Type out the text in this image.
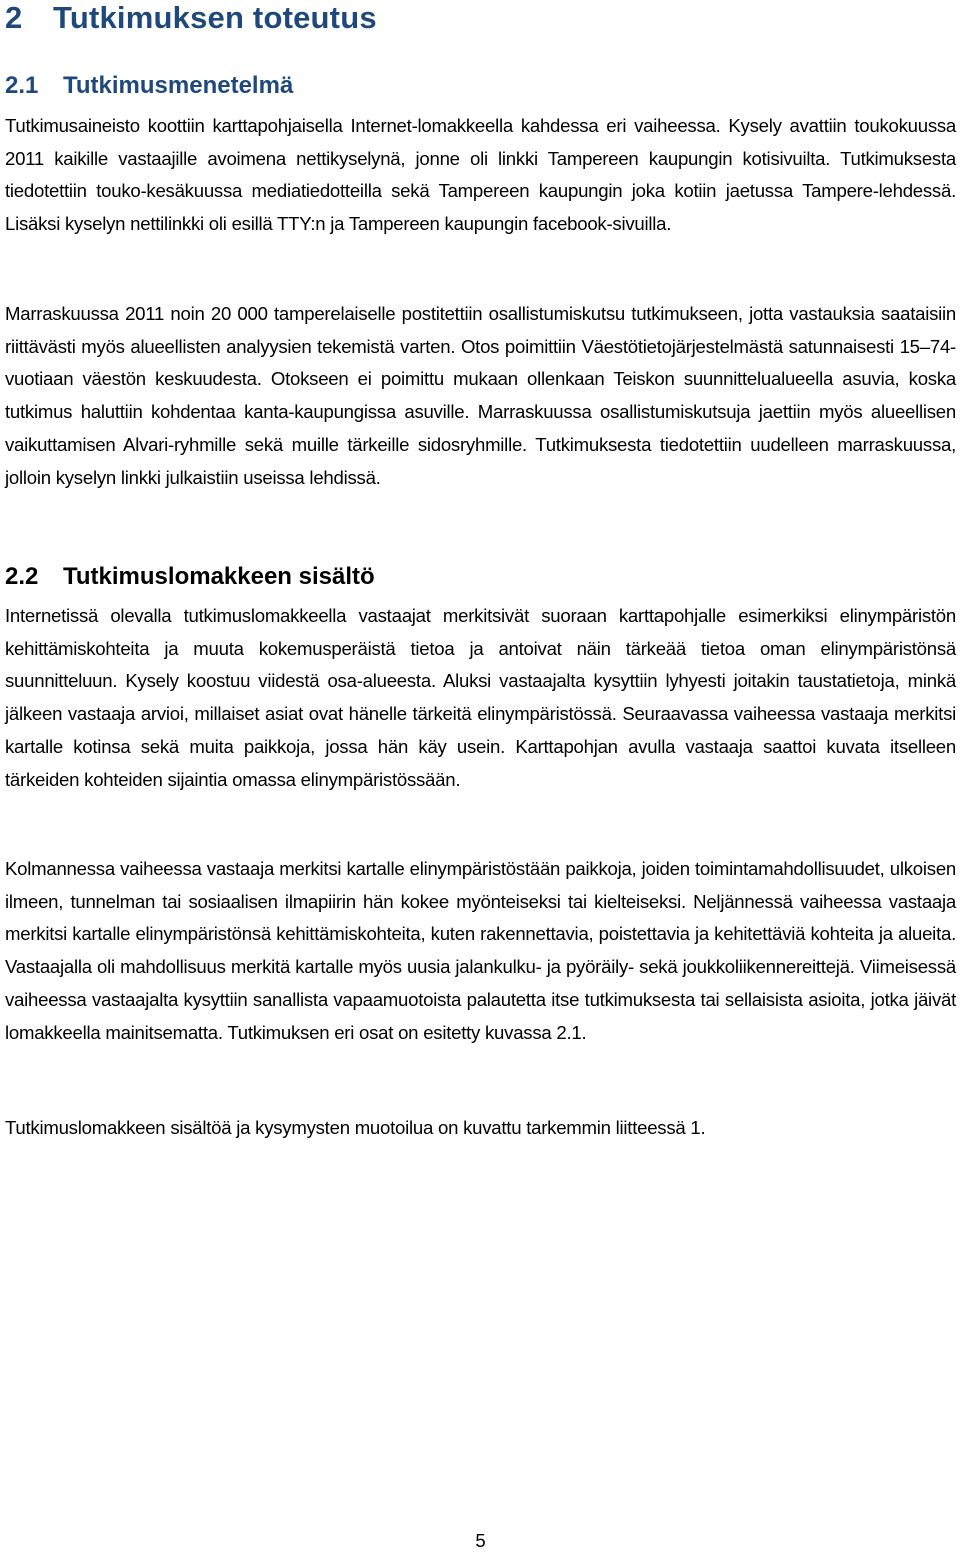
2 Tutkimuksen toteutus
2.1 Tutkimusmenetelmä

Tutkimusaineisto koottiin karttapohjaisella Internet-lomakkeella kahdessa eri vaiheessa. Kysely avattiin toukokuussa 2011 kaikille vastaajille avoimena nettikyselynä, jonne oli linkki Tampereen kaupungin kotisivuilta. Tutkimuksesta tiedotettiin touko-kesäkuussa mediatiedotteilla sekä Tampereen kaupungin joka kotiin jaetussa Tampere-lehdessä. Lisäksi kyselyn nettilinkki oli esillä TTY:n ja Tampereen kaupungin facebook-sivuilla.

Marraskuussa 2011 noin 20 000 tamperelaiselle postitettiin osallistumiskutsu tutkimukseen, jotta vastauksia saataisiin riittävästi myös alueellisten analyysien tekemistä varten. Otos poimittiin Väestötietojärjestelmästä satunnaisesti 15–74-vuotiaan väestön keskuudesta. Otokseen ei poimittu mukaan ollenkaan Teiskon suunnittelualueella asuvia, koska tutkimus haluttiin kohdentaa kanta-kaupungissa asuville. Marraskuussa osallistumiskutsuja jaettiin myös alueellisen vaikuttamisen Alvari-ryhmille sekä muille tärkeille sidosryhmille. Tutkimuksesta tiedotettiin uudelleen marraskuussa, jolloin kyselyn linkki julkaistiin useissa lehdissä.

2.2 Tutkimuslomakkeen sisältö

Internetissä olevalla tutkimuslomakkeella vastaajat merkitsivät suoraan karttapohjalle esimerkiksi elinympäristön kehittämiskohteita ja muuta kokemusperäistä tietoa ja antoivat näin tärkeää tietoa oman elinympäristönsä suunnitteluun. Kysely koostuu viidestä osa-alueesta. Aluksi vastaajalta kysyttiin lyhyesti joitakin taustatietoja, minkä jälkeen vastaaja arvioi, millaiset asiat ovat hänelle tärkeitä elinympäristössä. Seuraavassa vaiheessa vastaaja merkitsi kartalle kotinsa sekä muita paikkoja, jossa hän käy usein. Karttapohjan avulla vastaaja saattoi kuvata itselleen tärkeiden kohteiden sijaintia omassa elinympäristössään.

Kolmannessa vaiheessa vastaaja merkitsi kartalle elinympäristöstään paikkoja, joiden toimintamahdollisuudet, ulkoisen ilmeen, tunnelman tai sosiaalisen ilmapiirin hän kokee myönteiseksi tai kielteiseksi. Neljännessä vaiheessa vastaaja merkitsi kartalle elinympäristönsä kehittämiskohteita, kuten rakennettavia, poistettavia ja kehitettäviä kohteita ja alueita. Vastaajalla oli mahdollisuus merkitä kartalle myös uusia jalankulku- ja pyöräily- sekä joukkoliikennereittejä. Viimeisessä vaiheessa vastaajalta kysyttiin sanallista vapaamuotoista palautetta itse tutkimuksesta tai sellaisista asioita, jotka jäivät lomakkeella mainitsematta. Tutkimuksen eri osat on esitetty kuvassa 2.1.

Tutkimuslomakkeen sisältöä ja kysymysten muotoilua on kuvattu tarkemmin liitteessä 1.

5
